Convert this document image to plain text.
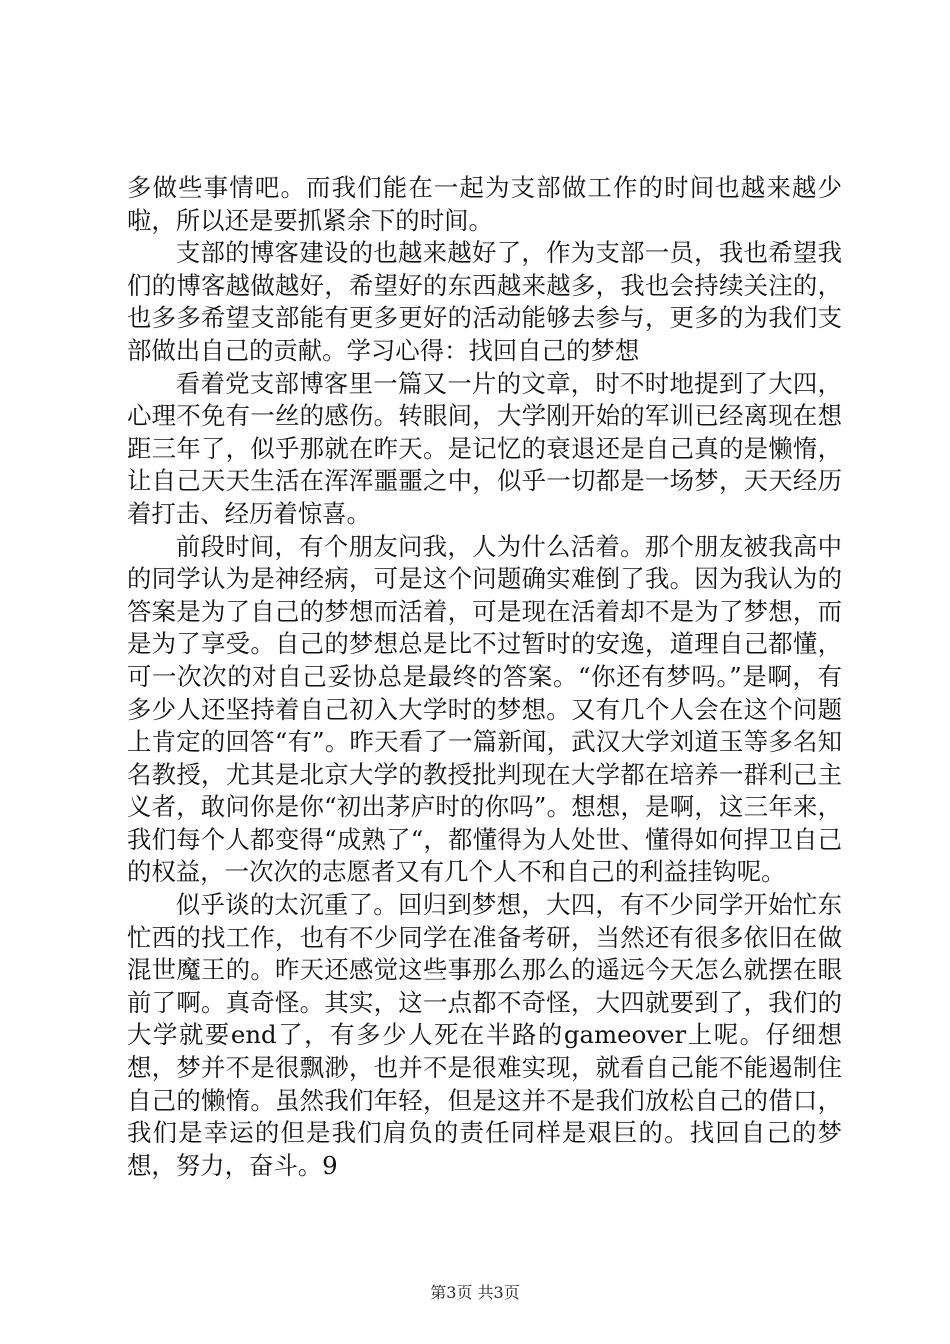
多做些事情吧。而我们能在一起为支部做工作的时间也越来越少啦，所以还是要抓紧余下的时间。

支部的博客建设的也越来越好了，作为支部一员，我也希望我们的博客越做越好，希望好的东西越来越多，我也会持续关注的，也多多希望支部能有更多更好的活动能够去参与，更多的为我们支部做出自己的贡献。学习心得：找回自己的梦想

看着党支部博客里一篇又一片的文章，时不时地提到了大四，心理不免有一丝的感伤。转眼间，大学刚开始的军训已经离现在想距三年了，似乎那就在昨天。是记忆的衰退还是自己真的是懒惰，让自己天天生活在浑浑噩噩之中，似乎一切都是一场梦，天天经历着打击、经历着惊喜。

前段时间，有个朋友问我，人为什么活着。那个朋友被我高中的同学认为是神经病，可是这个问题确实难倒了我。因为我认为的答案是为了自己的梦想而活着，可是现在活着却不是为了梦想，而是为了享受。自己的梦想总是比不过暂时的安逸，道理自己都懂，可一次次的对自己妥协总是最终的答案。“你还有梦吗。”是啊，有多少人还坚持着自己初入大学时的梦想。又有几个人会在这个问题上肯定的回答“有”。昨天看了一篇新闻，武汉大学刘道玉等多名知名教授，尤其是北京大学的教授批判现在大学都在培养一群利己主义者，敢问你是你“初出茅庐时的你吗”。想想，是啊，这三年来，我们每个人都变得“成熟了“，都懂得为人处世、懂得如何捍卫自己的权益，一次次的志愿者又有几个人不和自己的利益挂钩呢。

似乎谈的太沉重了。回归到梦想，大四，有不少同学开始忙东忙西的找工作，也有不少同学在准备考研，当然还有很多依旧在做混世魔王的。昨天还感觉这些事那么那么的遥远今天怎么就摆在眼前了啊。真奇怪。其实，这一点都不奇怪，大四就要到了，我们的大学就要end了，有多少人死在半路的gameover上呢。仔细想想，梦并不是很飘渺，也并不是很难实现，就看自己能不能遏制住自己的懒惰。虽然我们年轻，但是这并不是我们放松自己的借口，我们是幸运的但是我们肩负的责任同样是艰巨的。找回自己的梦想，努力，奋斗。9

第3页 共3页
